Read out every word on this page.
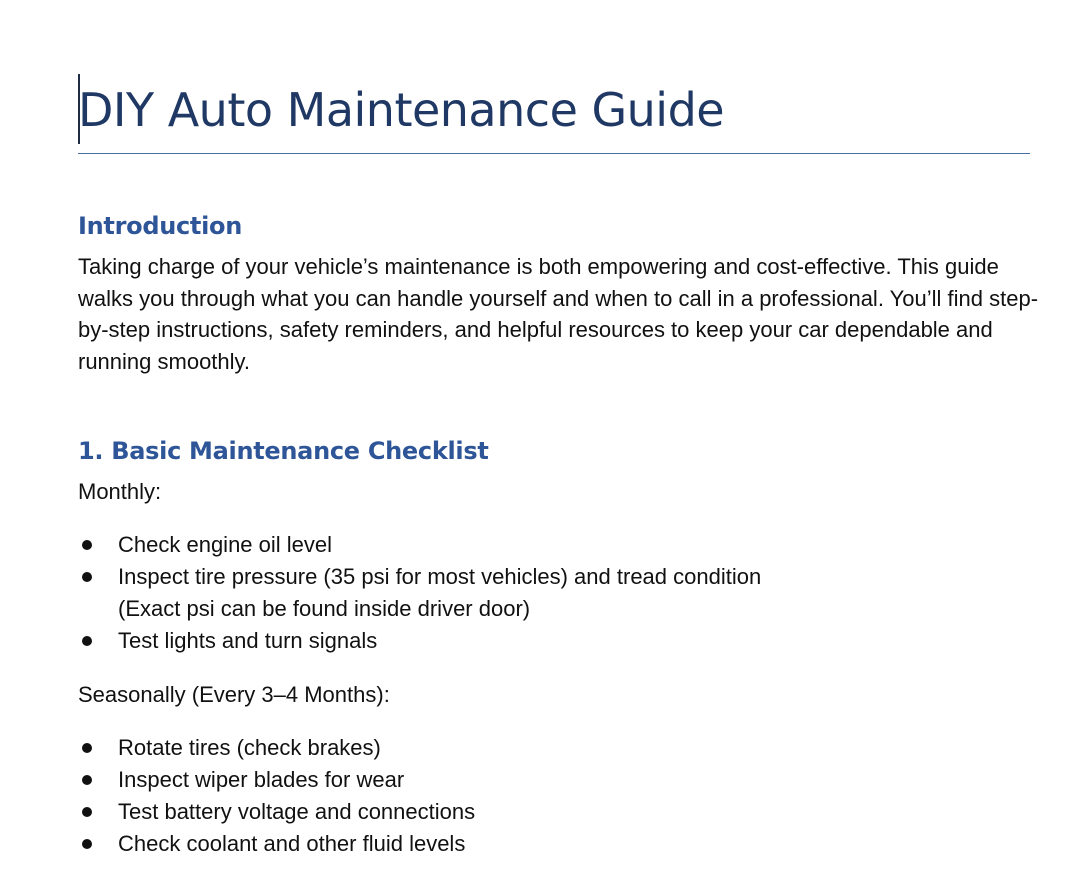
DIY Auto Maintenance Guide
Introduction

Taking charge of your vehicle’s maintenance is both empowering and cost-effective. This guide walks you through what you can handle yourself and when to call in a professional. You’ll find step-by-step instructions, safety reminders, and helpful resources to keep your car dependable and running smoothly.

1. Basic Maintenance Checklist

Monthly:

Check engine oil level
Inspect tire pressure (35 psi for most vehicles) and tread condition
(Exact psi can be found inside driver door)
Test lights and turn signals

Seasonally (Every 3–4 Months):

Rotate tires (check brakes)
Inspect wiper blades for wear
Test battery voltage and connections
Check coolant and other fluid levels
